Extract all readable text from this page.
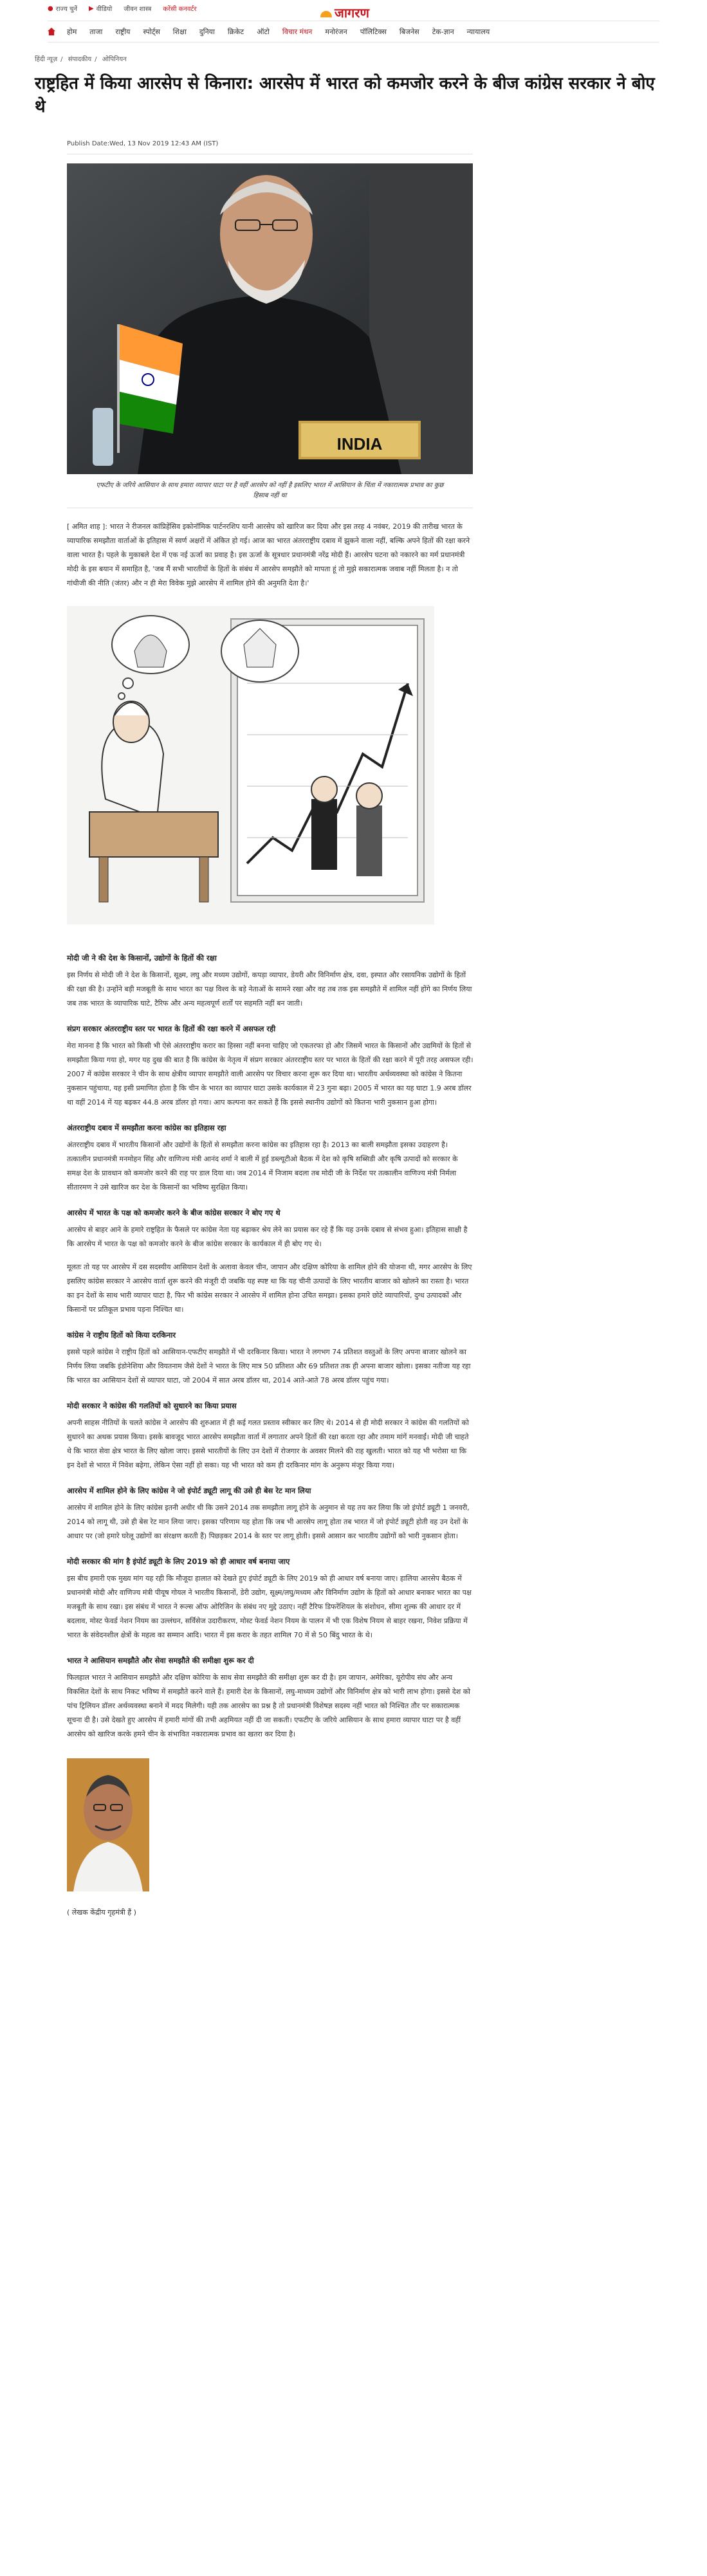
● राज्य चुनें ▶ वीडियो जीवन शास्त्र करेंसी कनवर्टर	जागरण
होम	ताजा	राष्ट्रीय	स्पोर्ट्स	शिक्षा	दुनिया	क्रिकेट	ऑटो	विचार मंथन	मनोरंजन	पॉलिटिक्स	बिजनेस	टेक-ज्ञान	न्यायालय
हिंदी न्यूज़ / संपादकीय / ओपिनियन
राष्ट्रहित में किया आरसेप से किनारा: आरसेप में भारत को कमजोर करने के बीज कांग्रेस सरकार ने बोए थे
Publish Date:Wed, 13 Nov 2019 12:43 AM (IST)
INDIA
एफटीए के जरिये आसियान के साथ हमारा व्यापार घाटा पर है वहीं आरसेप को नहीं है इसलिए भारत में आसियान के चिंता में नकारात्मक प्रभाव का कुछ हिसाब नहीं था

[ अमित शाह ]: भारत ने रीजनल कांप्रिहेंसिव इकोनॉमिक पार्टनरशिप यानी आरसेप को खारिज कर दिया और इस तरह 4 नवंबर, 2019 की तारीख भारत के व्यापारिक समझौता वार्ताओं के इतिहास में स्वर्ण अक्षरों में अंकित हो गई। आज का भारत अंतरराष्ट्रीय दबाव में झुकने वाला नहीं, बल्कि अपने हितों की रक्षा करने वाला भारत है। पहले के मुकाबले देश में एक नई ऊर्जा का प्रवाह है। इस ऊर्जा के सूत्रधार प्रधानमंत्री नरेंद्र मोदी हैं। आरसेप घटना को नकारने का मर्म प्रधानमंत्री मोदी के इस बयान में समाहित है, 'जब मैं सभी भारतीयों के हितों के संबंध में आरसेप समझौते को मापता हूं तो मुझे सकारात्मक जवाब नहीं मिलता है। न तो गांधीजी की नीति (जंतर) और न ही मेरा विवेक मुझे आरसेप में शामिल होने की अनुमति देता है।'

मोदी जी ने की देश के किसानों, उद्योगों के हितों की रक्षा

इस निर्णय से मोदी जी ने देश के किसानों, सूक्ष्म, लघु और मध्यम उद्योगों, कपड़ा व्यापार, डेयरी और विनिर्माण क्षेत्र, दवा, इस्पात और रसायनिक उद्योगों के हितों की रक्षा की है। उन्होंने बड़ी मजबूती के साथ भारत का पक्ष विश्व के बड़े नेताओं के सामने रखा और वह तब तक इस समझौते में शामिल नहीं होंगे का निर्णय लिया जब तक भारत के व्यापारिक घाटे, टैरिफ और अन्य महत्वपूर्ण शर्तों पर सहमति नहीं बन जाती।

संप्रग सरकार अंतरराष्ट्रीय स्तर पर भारत के हितों की रक्षा करने में असफल रही

मेरा मानना है कि भारत को किसी भी ऐसे अंतरराष्ट्रीय करार का हिस्सा नहीं बनना चाहिए जो एकतरफा हो और जिसमें भारत के किसानों और उद्यमियों के हितों से समझौता किया गया हो, मगर यह दुख की बात है कि कांग्रेस के नेतृत्व में संप्रग सरकार अंतरराष्ट्रीय स्तर पर भारत के हितों की रक्षा करने में पूरी तरह असफल रही। 2007 में कांग्रेस सरकार ने चीन के साथ क्षेत्रीय व्यापार समझौते वाली आरसेप पर विचार करना शुरू कर दिया था। भारतीय अर्थव्यवस्था को कांग्रेस ने कितना नुकसान पहुंचाया, यह इसी प्रमाणित होता है कि चीन के भारत का व्यापार घाटा उसके कार्यकाल में 23 गुना बढ़ा। 2005 में भारत का यह घाटा 1.9 अरब डॉलर था वहीं 2014 में यह बढ़कर 44.8 अरब डॉलर हो गया। आप कल्पना कर सकते हैं कि इससे स्थानीय उद्योगों को कितना भारी नुकसान हुआ होगा।

अंतरराष्ट्रीय दबाव में समझौता करना कांग्रेस का इतिहास रहा

अंतरराष्ट्रीय दबाव में भारतीय किसानों और उद्योगों के हितों से समझौता करना कांग्रेस का इतिहास रहा है। 2013 का बाली समझौता इसका उदाहरण है। तत्कालीन प्रधानमंत्री मनमोहन सिंह और वाणिज्य मंत्री आनंद शर्मा ने बाली में हुई डब्ल्यूटीओ बैठक में देश को कृषि सब्सिडी और कृषि उत्पादों को सरकार के समक्ष देश के प्रावधान को कमजोर करने की राह पर डाल दिया था। जब 2014 में निजाम बदला तब मोदी जी के निर्देश पर तत्कालीन वाणिज्य मंत्री निर्मला सीतारमण ने उसे खारिज कर देश के किसानों का भविष्य सुरक्षित किया।

आरसेप में भारत के पक्ष को कमजोर करने के बीज कांग्रेस सरकार ने बोए गए थे

आरसेप से बाहर आने के हमारे राष्ट्रहित के फैसले पर कांग्रेस नेता यह बढ़ाकर श्रेय लेने का प्रयास कर रहे हैं कि यह उनके दबाव से संभव हुआ। इतिहास साक्षी है कि आरसेप में भारत के पक्ष को कमजोर करने के बीज कांग्रेस सरकार के कार्यकाल में ही बोए गए थे।

मूलतः तो यह पर आरसेप में दस सदस्यीय आसियान देशों के अलावा केवल चीन, जापान और दक्षिण कोरिया के शामिल होने की योजना थी, मगर आरसेप के लिए इसलिए कांग्रेस सरकार ने आरसेप वार्ता शुरू करने की मंजूरी दी जबकि यह स्पष्ट था कि यह चीनी उत्पादों के लिए भारतीय बाजार को खोलने का रास्ता है। भारत का इन देशों के साथ भारी व्यापार घाटा है, फिर भी कांग्रेस सरकार ने आरसेप में शामिल होना उचित समझा। इसका हमारे छोटे व्यापारियों, दुग्ध उत्पादकों और किसानों पर प्रतिकूल प्रभाव पड़ना निश्चित था।

कांग्रेस ने राष्ट्रीय हितों को किया दरकिनार

इससे पहले कांग्रेस ने राष्ट्रीय हितों को आसियान-एफटीए समझौते में भी दरकिनार किया। भारत ने लगभग 74 प्रतिशत वस्तुओं के लिए अपना बाजार खोलने का निर्णय लिया जबकि इंडोनेशिया और वियतनाम जैसे देशों ने भारत के लिए मात्र 50 प्रतिशत और 69 प्रतिशत तक ही अपना बाजार खोला। इसका नतीजा यह रहा कि भारत का आसियान देशों से व्यापार घाटा, जो 2004 में सात अरब डॉलर था, 2014 आते-आते 78 अरब डॉलर पहुंच गया।

मोदी सरकार ने कांग्रेस की गलतियों को सुधारने का किया प्रयास

अपनी साहस नीतियों के चलते कांग्रेस ने आरसेप की शुरुआत में ही कई गलत प्रस्ताव स्वीकार कर लिए थे। 2014 से ही मोदी सरकार ने कांग्रेस की गलतियों को सुधारने का अथक प्रयास किया। इसके बावजूद भारत आरसेप समझौता वार्ता में लगातार अपने हितों की रक्षा करता रहा और तमाम मांगें मनवाईं। मोदी जी चाहते थे कि भारत सेवा क्षेत्र भारत के लिए खोला जाए। इससे भारतीयों के लिए उन देशों में रोजगार के अवसर मिलने की राह खुलती। भारत को यह भी भरोसा था कि इन देशों से भारत में निवेश बढ़ेगा, लेकिन ऐसा नहीं हो सका। यह भी भारत को कम ही दरकिनार मांग के अनुरूप मंजूर किया गया।

आरसेप में शामिल होने के लिए कांग्रेस ने जो इंपोर्ट ड्यूटी लागू की उसे ही बेस रेट मान लिया

आरसेप में शामिल होने के लिए कांग्रेस इतनी अधीर थी कि उसने 2014 तक समझौता लागू होने के अनुमान से यह तय कर लिया कि जो इंपोर्ट ड्यूटी 1 जनवरी, 2014 को लागू थी, उसे ही बेस रेट मान लिया जाए। इसका परिणाम यह होता कि जब भी आरसेप लागू होता तब भारत में जो इंपोर्ट ड्यूटी होती वह उन देशों के आधार पर (जो हमारे घरेलू उद्योगों का संरक्षण करती हैं) पिछड़कर 2014 के स्तर पर लागू होती। इससे आसान कर भारतीय उद्योगों को भारी नुकसान होता।

मोदी सरकार की मांग है इंपोर्ट ड्यूटी के लिए 2019 को ही आधार वर्ष बनाया जाए

इस बीच हमारी एक मुख्य मांग यह रही कि मौजूदा हालात को देखते हुए इंपोर्ट ड्यूटी के लिए 2019 को ही आधार वर्ष बनाया जाए। हालिया आरसेप बैठक में प्रधानमंत्री मोदी और वाणिज्य मंत्री पीयूष गोयल ने भारतीय किसानों, डेरी उद्योग, सूक्ष्म/लघु/मध्यम और विनिर्माण उद्योग के हितों को आधार बनाकर भारत का पक्ष मजबूती के साथ रखा। इस संबंध में भारत ने रूल्स ऑफ ओरिजिन के संबंध नए मुद्दे उठाए। नहीं टैरिफ डिफरेंशियल के संशोधन, सीमा शुल्क की आधार दर में बदलाव, मोस्ट फेवर्ड नेशन नियम का उल्लंघन, सर्विसेज उदारीकरण, मोस्ट फेवर्ड नेशन नियम के पालन में भी एक विशेष नियम से बाहर रखना, निवेश प्रक्रिया में भारत के संवेदनशील क्षेत्रों के महत्व का सम्मान आदि। भारत में इस करार के तहत शामिल 70 में से 50 बिंदु भारत के थे।

भारत ने आसियान समझौते और सेवा समझौते की समीक्षा शुरू कर दी

फिलहाल भारत ने आसियान समझौते और दक्षिण कोरिया के साथ सेवा समझौते की समीक्षा शुरू कर दी है। हम जापान, अमेरिका, यूरोपीय संघ और अन्य विकसित देशों के साथ निकट भविष्य में समझौते करने वाले हैं। हमारी देश के किसानों, लघु-माध्यम उद्योगों और विनिर्माण क्षेत्र को भारी लाभ होगा। इससे देश को पांच ट्रिलियन डॉलर अर्थव्यवस्था बनाने में मदद मिलेगी। यही तक आरसेप का प्रश्न है तो प्रधानमंत्री विशेषज्ञ सदस्य नहीं भारत को निश्चित तौर पर सकारात्मक सूचना दी है। उसे देखते हुए आरसेप में हमारी मांगों की तभी अहमियत नहीं दी जा सकती। एफटीए के जरिये आसियान के साथ हमारा व्यापार घाटा पर है वहीं आरसेप को खारिज करके हमने चीन के संभावित नकारात्मक प्रभाव का खतरा कर दिया है।

( लेखक केंद्रीय गृहमंत्री हैं )
